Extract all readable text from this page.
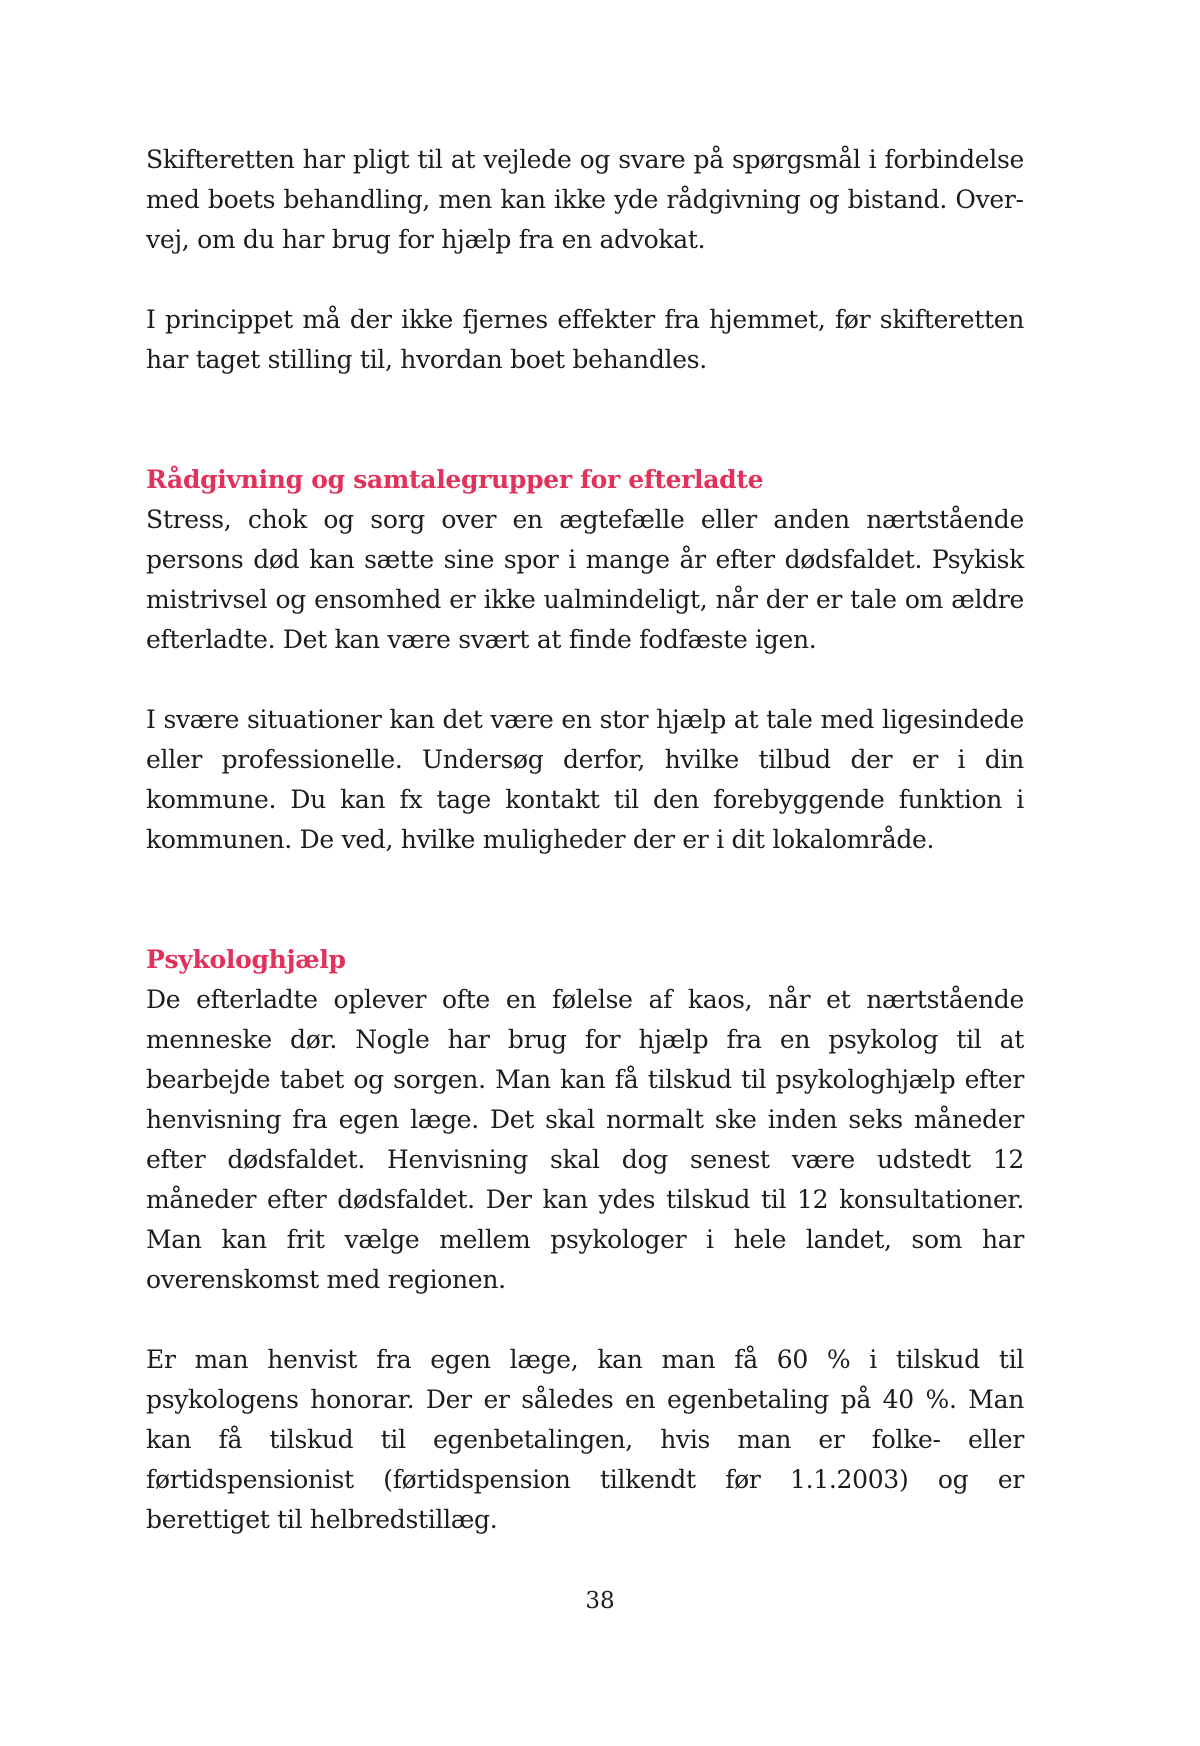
Skifteretten har pligt til at vejlede og svare på spørgsmål i forbindelse med boets behandling, men kan ikke yde rådgivning og bistand. Overvej, om du har brug for hjælp fra en advokat.

I princippet må der ikke fjernes effekter fra hjemmet, før skifteretten har taget stilling til, hvordan boet behandles.

Rådgivning og samtalegrupper for efterladte

Stress, chok og sorg over en ægtefælle eller anden nærtstående persons død kan sætte sine spor i mange år efter dødsfaldet. Psykisk mistrivsel og ensomhed er ikke ualmindeligt, når der er tale om ældre efterladte. Det kan være svært at finde fodfæste igen.

I svære situationer kan det være en stor hjælp at tale med ligesindede eller professionelle. Undersøg derfor, hvilke tilbud der er i din kommune. Du kan fx tage kontakt til den forebyggende funktion i kommunen. De ved, hvilke muligheder der er i dit lokalområde.

Psykologhjælp

De efterladte oplever ofte en følelse af kaos, når et nærtstående menneske dør. Nogle har brug for hjælp fra en psykolog til at bearbejde tabet og sorgen. Man kan få tilskud til psykologhjælp efter henvisning fra egen læge. Det skal normalt ske inden seks måneder efter dødsfaldet. Henvisning skal dog senest være udstedt 12 måneder efter dødsfaldet. Der kan ydes tilskud til 12 konsultationer. Man kan frit vælge mellem psykologer i hele landet, som har overenskomst med regionen.

Er man henvist fra egen læge, kan man få 60 % i tilskud til psykologens honorar. Der er således en egenbetaling på 40 %. Man kan få tilskud til egenbetalingen, hvis man er folke- eller førtidspensionist (førtidspension tilkendt før 1.1.2003) og er berettiget til helbredstillæg.

38
